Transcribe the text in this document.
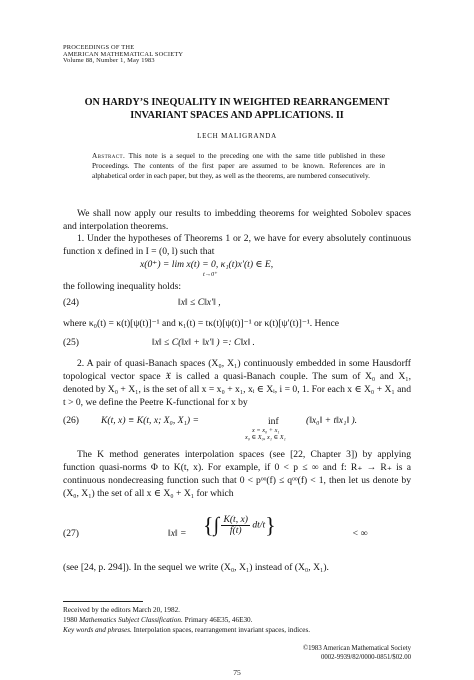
PROCEEDINGS OF THE
AMERICAN MATHEMATICAL SOCIETY
Volume 88, Number 1, May 1983
ON HARDY’S INEQUALITY IN WEIGHTED REARRANGEMENT
INVARIANT SPACES AND APPLICATIONS. II
LECH MALIGRANDA
Abstract. This note is a sequel to the preceding one with the same title published in these Proceedings. The contents of the first paper are assumed to be known. References are in alphabetical order in each paper, but they, as well as the theorems, are numbered consecutively.
We shall now apply our results to imbedding theorems for weighted Sobolev spaces and interpolation theorems.
1. Under the hypotheses of Theorems 1 or 2, we have for every absolutely continuous function x defined in I = (0, l) such that
x(0⁺) = lim x(t) = 0, κ₁(t)x′(t) ∈ E,
t→0⁺
the following inequality holds:
(24)	‖x‖ ≤ C‖x′‖ ,
where κ₀(t) = κ(t)[ψ(t)]⁻¹ and κ₁(t) = tκ(t)[ψ(t)]⁻¹ or κ(t)[ψ′(t)]⁻¹. Hence
(25)	‖x‖ ≤ C(‖x‖ + ‖x′‖ ) =: C‖x‖ .
2. A pair of quasi-Banach spaces (X₀, X₁) continuously embedded in some Hausdorff topological vector space 𝔛 is called a quasi-Banach couple. The sum of X₀ and X₁, denoted by X₀ + X₁, is the set of all x = x₀ + x₁, xᵢ ∈ Xᵢ, i = 0, 1. For each x ∈ X₀ + X₁ and t > 0, we define the Peetre K-functional for x by
(26) K(t, x) ≡ K(t, x; X₀, X₁) =	inf
x = x₀ + x₁
x₀ ∈ X₀, x₁ ∈ X₁
(‖x₀‖ + t‖x₁‖ ).
The K method generates interpolation spaces (see [22, Chapter 3]) by applying function quasi-norms Φ to K(t, x). For example, if 0 < p ≤ ∞ and f: R₊ → R₊ is a continuous nondecreasing function such that 0 < pᵒᵒ(f) ≤ qᵒᵒ(f) < 1, then let us denote by (X₀, X₁) the set of all x ∈ X₀ + X₁ for which
(27)	‖x‖ = {∫ $\frac{K(t, x)}{f(t)} dt/t$}	< ∞
(see [24, p. 294]). In the sequel we write (X₀, X₁) instead of (X₀, X₁).
Received by the editors March 20, 1982.
1980 Mathematics Subject Classification. Primary 46E35, 46E30.
Key words and phrases. Interpolation spaces, rearrangement invariant spaces, indices.
©1983 American Mathematical Society
0002-9939/82/0000-0851/$02.00
75
